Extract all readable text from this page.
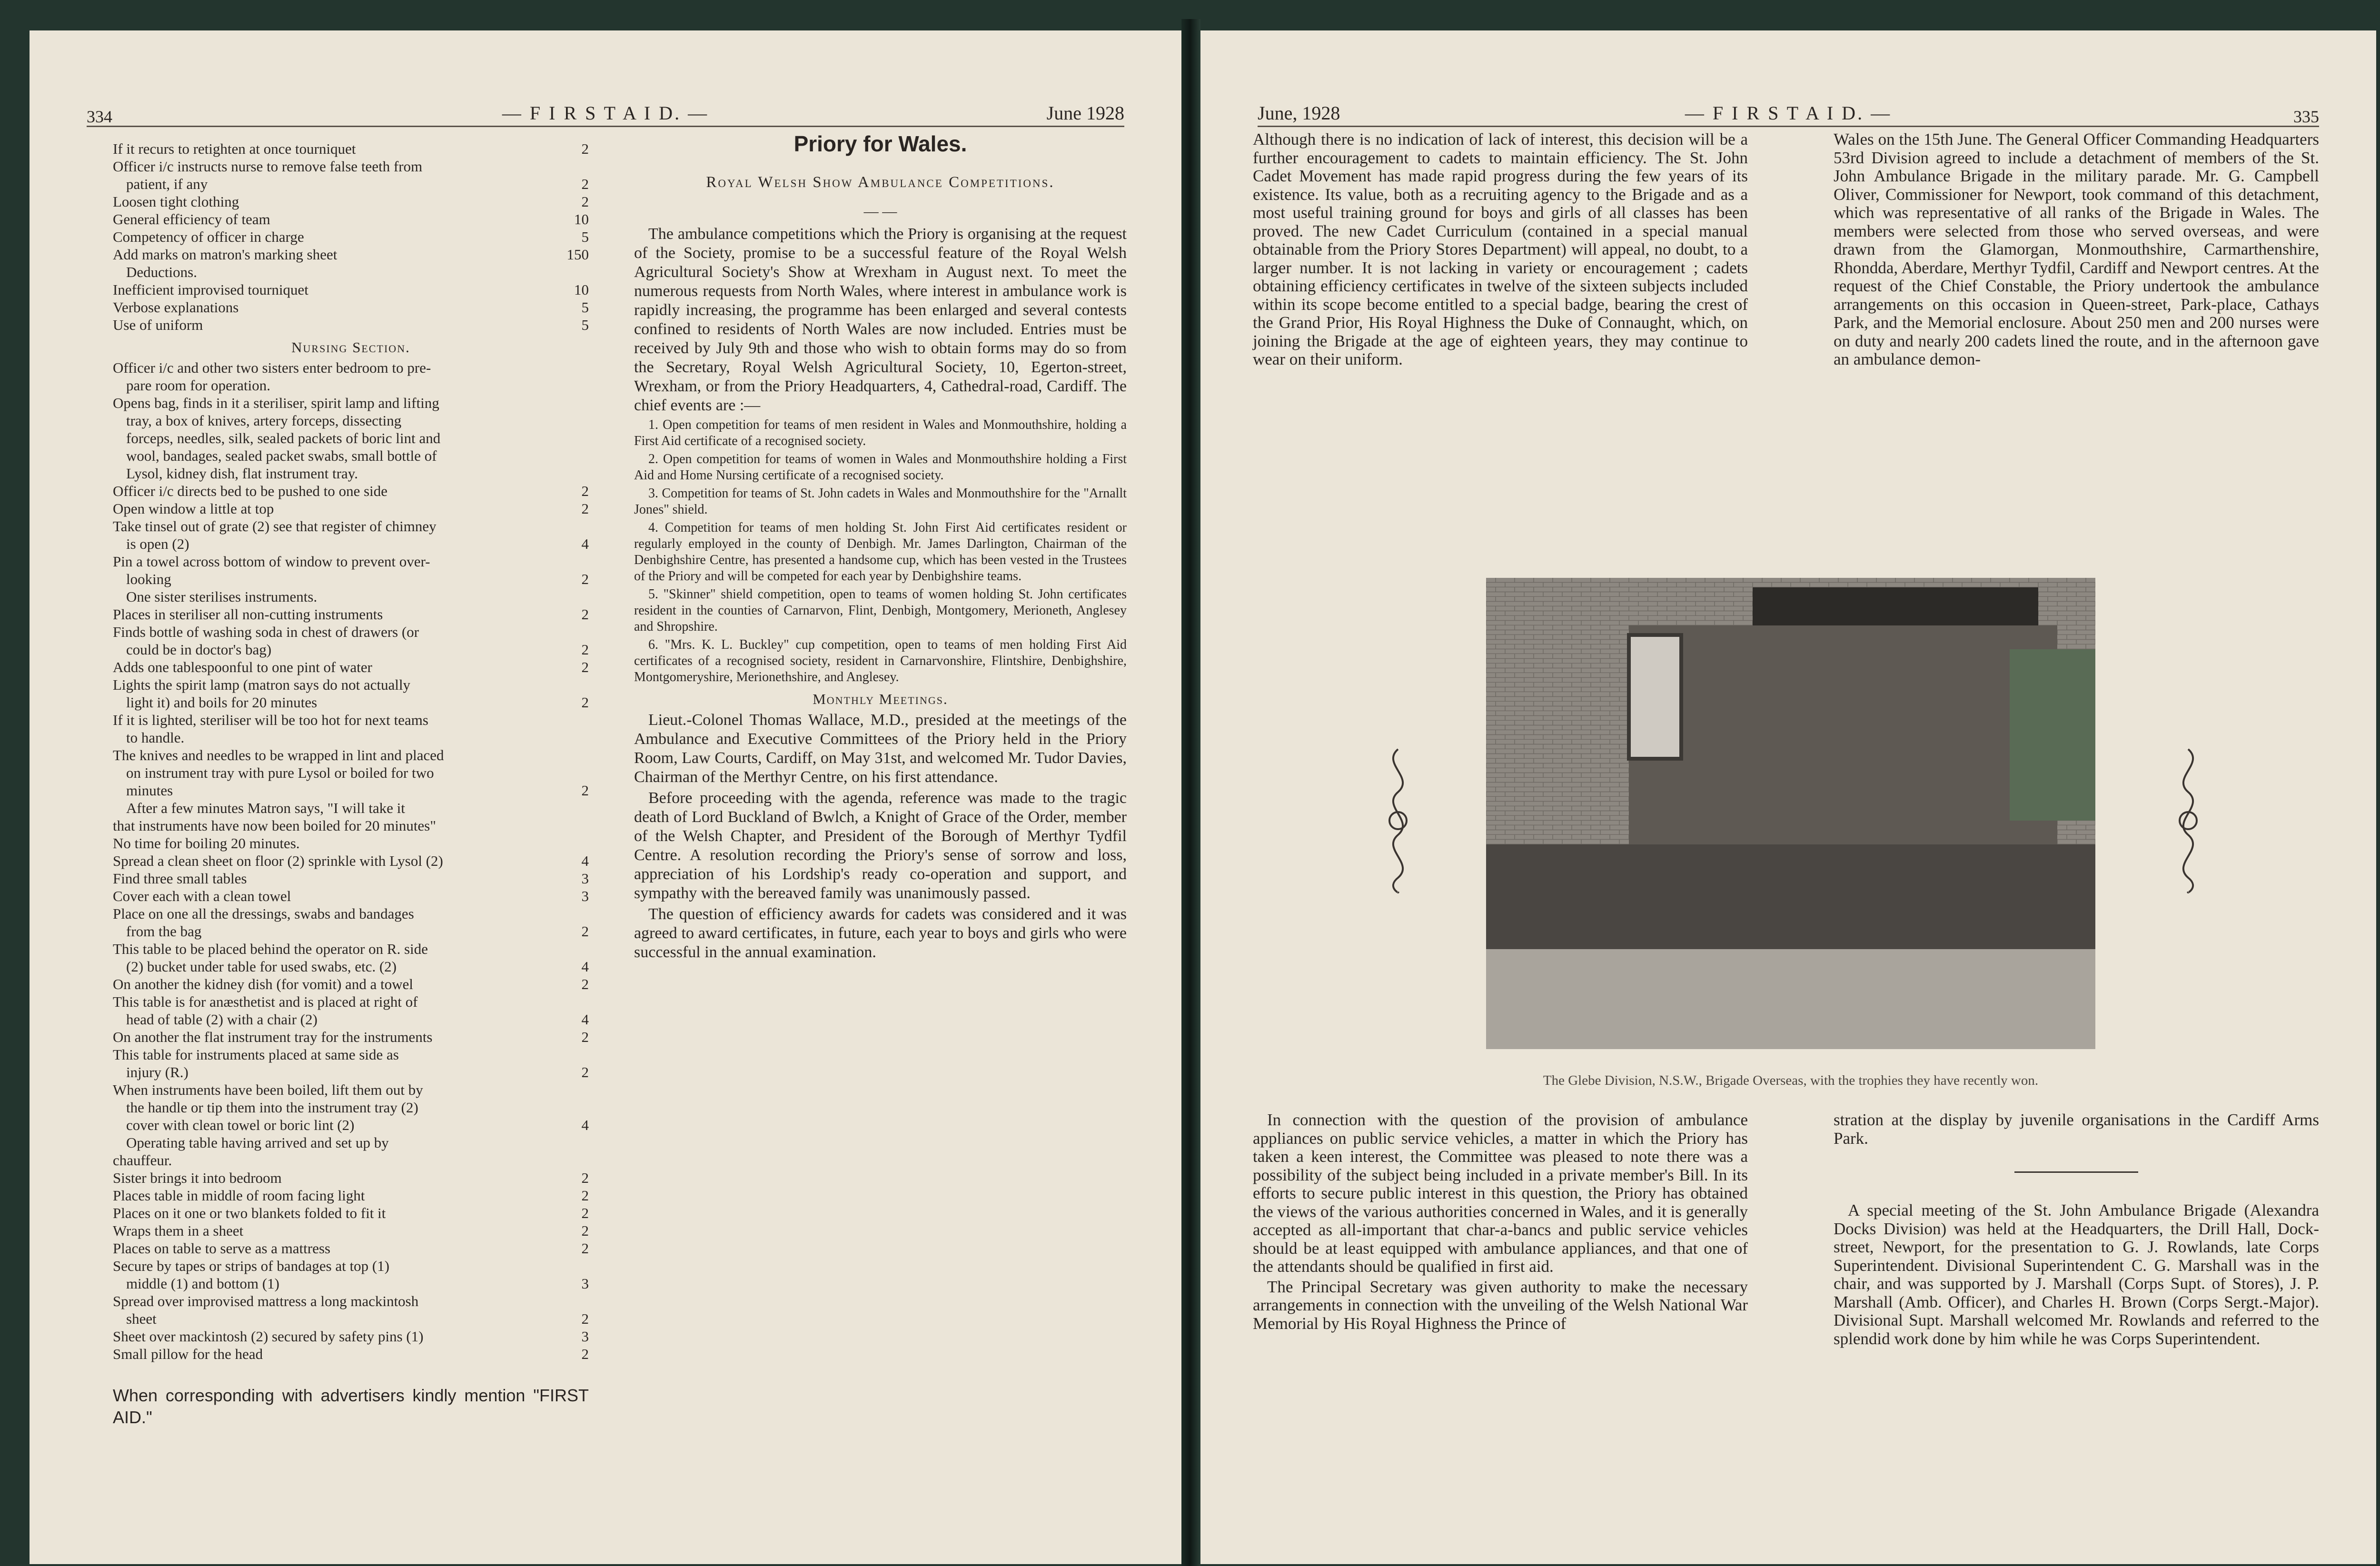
334	— F I R S T A I D. —	June 1928
If it recurs to retighten at once tourniquet	2
Officer i/c instructs nurse to remove false teeth from
patient, if any	2
Loosen tight clothing	2
General efficiency of team	10
Competency of officer in charge	5
Add marks on matron's marking sheet	150
Deductions.
Inefficient improvised tourniquet	10
Verbose explanations	5
Use of uniform	5
Nursing Section.
Officer i/c and other two sisters enter bedroom to pre-
pare room for operation.
Opens bag, finds in it a steriliser, spirit lamp and lifting
tray, a box of knives, artery forceps, dissecting
forceps, needles, silk, sealed packets of boric lint and
wool, bandages, sealed packet swabs, small bottle of
Lysol, kidney dish, flat instrument tray.
Officer i/c directs bed to be pushed to one side	2
Open window a little at top	2
Take tinsel out of grate (2) see that register of chimney
is open (2)	4
Pin a towel across bottom of window to prevent over-
looking	2
One sister sterilises instruments.
Places in steriliser all non-cutting instruments	2
Finds bottle of washing soda in chest of drawers (or
could be in doctor's bag)	2
Adds one tablespoonful to one pint of water	2
Lights the spirit lamp (matron says do not actually
light it) and boils for 20 minutes	2
If it is lighted, steriliser will be too hot for next teams
to handle.
The knives and needles to be wrapped in lint and placed
on instrument tray with pure Lysol or boiled for two
minutes	2
After a few minutes Matron says, "I will take it
that instruments have now been boiled for 20 minutes"
No time for boiling 20 minutes.
Spread a clean sheet on floor (2) sprinkle with Lysol (2)	4
Find three small tables	3
Cover each with a clean towel	3
Place on one all the dressings, swabs and bandages
from the bag	2
This table to be placed behind the operator on R. side
(2) bucket under table for used swabs, etc. (2)	4
On another the kidney dish (for vomit) and a towel	2
This table is for anæsthetist and is placed at right of
head of table (2) with a chair (2)	4
On another the flat instrument tray for the instruments	2
This table for instruments placed at same side as
injury (R.)	2
When instruments have been boiled, lift them out by
the handle or tip them into the instrument tray (2)
cover with clean towel or boric lint (2)	4
Operating table having arrived and set up by
chauffeur.
Sister brings it into bedroom	2
Places table in middle of room facing light	2
Places on it one or two blankets folded to fit it	2
Wraps them in a sheet	2
Places on table to serve as a mattress	2
Secure by tapes or strips of bandages at top (1)
middle (1) and bottom (1)	3
Spread over improvised mattress a long mackintosh
sheet	2
Sheet over mackintosh (2) secured by safety pins (1)	3
Small pillow for the head	2
When corresponding with advertisers kindly mention "FIRST AID."
Priory for Wales.
Royal Welsh Show Ambulance Competitions.
— —

The ambulance competitions which the Priory is organising at the request of the Society, promise to be a successful feature of the Royal Welsh Agricultural Society's Show at Wrexham in August next. To meet the numerous requests from North Wales, where interest in ambulance work is rapidly increasing, the programme has been enlarged and several contests confined to residents of North Wales are now included. Entries must be received by July 9th and those who wish to obtain forms may do so from the Secretary, Royal Welsh Agricultural Society, 10, Egerton-street, Wrexham, or from the Priory Headquarters, 4, Cathedral-road, Cardiff. The chief events are :—

1. Open competition for teams of men resident in Wales and Monmouthshire, holding a First Aid certificate of a recognised society.

2. Open competition for teams of women in Wales and Monmouthshire holding a First Aid and Home Nursing certificate of a recognised society.

3. Competition for teams of St. John cadets in Wales and Monmouthshire for the "Arnallt Jones" shield.

4. Competition for teams of men holding St. John First Aid certificates resident or regularly employed in the county of Denbigh. Mr. James Darlington, Chairman of the Denbighshire Centre, has presented a handsome cup, which has been vested in the Trustees of the Priory and will be competed for each year by Denbighshire teams.

5. "Skinner" shield competition, open to teams of women holding St. John certificates resident in the counties of Carnarvon, Flint, Denbigh, Montgomery, Merioneth, Anglesey and Shropshire.

6. "Mrs. K. L. Buckley" cup competition, open to teams of men holding First Aid certificates of a recognised society, resident in Carnarvonshire, Flintshire, Denbighshire, Montgomeryshire, Merionethshire, and Anglesey.

Monthly Meetings.

Lieut.-Colonel Thomas Wallace, M.D., presided at the meetings of the Ambulance and Executive Committees of the Priory held in the Priory Room, Law Courts, Cardiff, on May 31st, and welcomed Mr. Tudor Davies, Chairman of the Merthyr Centre, on his first attendance.

Before proceeding with the agenda, reference was made to the tragic death of Lord Buckland of Bwlch, a Knight of Grace of the Order, member of the Welsh Chapter, and President of the Borough of Merthyr Tydfil Centre. A resolution recording the Priory's sense of sorrow and loss, appreciation of his Lordship's ready co-operation and support, and sympathy with the bereaved family was unanimously passed.

The question of efficiency awards for cadets was considered and it was agreed to award certificates, in future, each year to boys and girls who were successful in the annual examination.

June, 1928	— F I R S T A I D. —	335

Although there is no indication of lack of interest, this decision will be a further encouragement to cadets to maintain efficiency. The St. John Cadet Movement has made rapid progress during the few years of its existence. Its value, both as a recruiting agency to the Brigade and as a most useful training ground for boys and girls of all classes has been proved. The new Cadet Curriculum (contained in a special manual obtainable from the Priory Stores Department) will appeal, no doubt, to a larger number. It is not lacking in variety or encouragement ; cadets obtaining efficiency certificates in twelve of the sixteen subjects included within its scope become entitled to a special badge, bearing the crest of the Grand Prior, His Royal Highness the Duke of Connaught, which, on joining the Brigade at the age of eighteen years, they may continue to wear on their uniform.

Wales on the 15th June. The General Officer Commanding Headquarters 53rd Division agreed to include a detachment of members of the St. John Ambulance Brigade in the military parade. Mr. G. Campbell Oliver, Commissioner for Newport, took command of this detachment, which was representative of all ranks of the Brigade in Wales. The members were selected from those who served overseas, and were drawn from the Glamorgan, Monmouthshire, Carmarthenshire, Rhondda, Aberdare, Merthyr Tydfil, Cardiff and Newport centres. At the request of the Chief Constable, the Priory undertook the ambulance arrangements on this occasion in Queen-street, Park-place, Cathays Park, and the Memorial enclosure. About 250 men and 200 nurses were on duty and nearly 200 cadets lined the route, and in the afternoon gave an ambulance demon-

The Glebe Division, N.S.W., Brigade Overseas, with the trophies they have recently won.

In connection with the question of the provision of ambulance appliances on public service vehicles, a matter in which the Priory has taken a keen interest, the Committee was pleased to note there was a possibility of the subject being included in a private member's Bill. In its efforts to secure public interest in this question, the Priory has obtained the views of the various authorities concerned in Wales, and it is generally accepted as all-important that char-a-bancs and public service vehicles should be at least equipped with ambulance appliances, and that one of the attendants should be qualified in first aid.

The Principal Secretary was given authority to make the necessary arrangements in connection with the unveiling of the Welsh National War Memorial by His Royal Highness the Prince of

stration at the display by juvenile organisations in the Cardiff Arms Park.

A special meeting of the St. John Ambulance Brigade (Alexandra Docks Division) was held at the Headquarters, the Drill Hall, Dock-street, Newport, for the presentation to G. J. Rowlands, late Corps Superintendent. Divisional Superintendent C. G. Marshall was in the chair, and was supported by J. Marshall (Corps Supt. of Stores), J. P. Marshall (Amb. Officer), and Charles H. Brown (Corps Sergt.-Major). Divisional Supt. Marshall welcomed Mr. Rowlands and referred to the splendid work done by him while he was Corps Superintendent.
